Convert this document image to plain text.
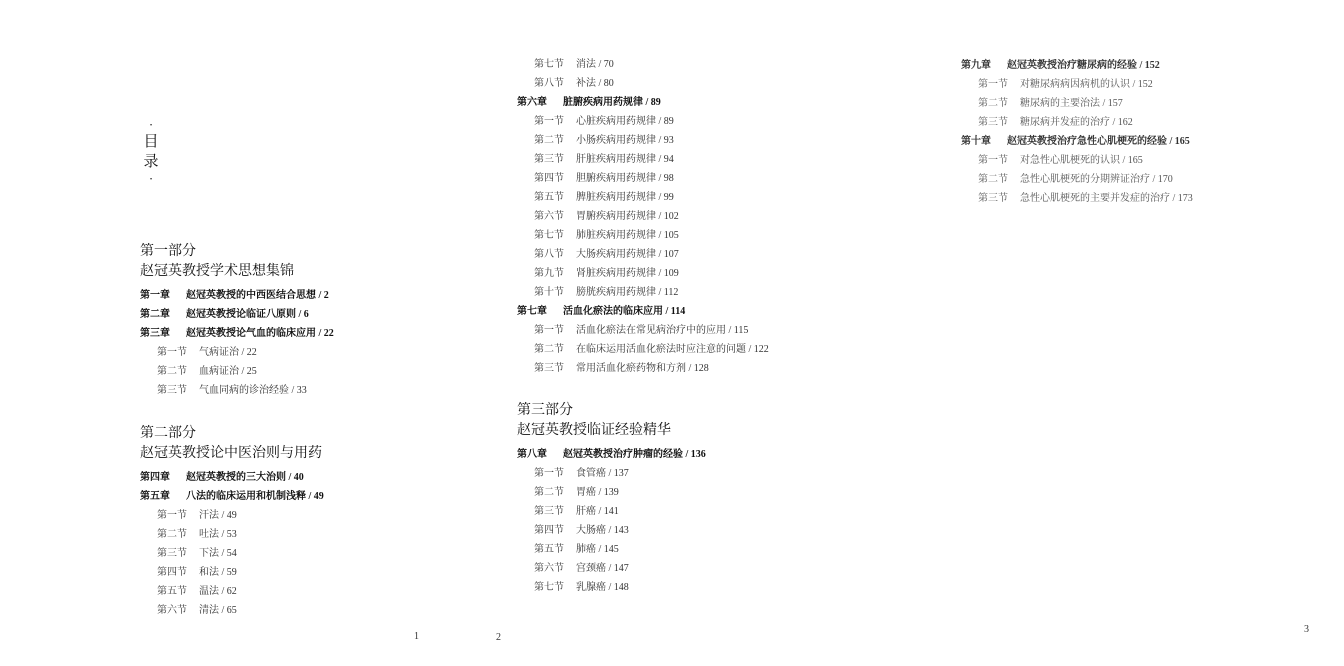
·
目
录
·
第一部分
赵冠英教授学术思想集锦
第一章 赵冠英教授的中西医结合思想 / 2
第二章 赵冠英教授论临证八原则 / 6
第三章 赵冠英教授论气血的临床应用 / 22
第一节 气病证治 / 22
第二节 血病证治 / 25
第三节 气血同病的诊治经验 / 33
第二部分
赵冠英教授论中医治则与用药
第四章 赵冠英教授的三大治则 / 40
第五章 八法的临床运用和机制浅释 / 49
第一节 汗法 / 49
第二节 吐法 / 53
第三节 下法 / 54
第四节 和法 / 59
第五节 温法 / 62
第六节 清法 / 65
第七节 消法 / 70
第八节 补法 / 80
第六章 脏腑疾病用药规律 / 89
第一节 心脏疾病用药规律 / 89
第二节 小肠疾病用药规律 / 93
第三节 肝脏疾病用药规律 / 94
第四节 胆腑疾病用药规律 / 98
第五节 脾脏疾病用药规律 / 99
第六节 胃腑疾病用药规律 / 102
第七节 肺脏疾病用药规律 / 105
第八节 大肠疾病用药规律 / 107
第九节 肾脏疾病用药规律 / 109
第十节 膀胱疾病用药规律 / 112
第七章 活血化瘀法的临床应用 / 114
第一节 活血化瘀法在常见病治疗中的应用 / 115
第二节 在临床运用活血化瘀法时应注意的问题 / 122
第三节 常用活血化瘀药物和方剂 / 128
第三部分
赵冠英教授临证经验精华
第八章 赵冠英教授治疗肿瘤的经验 / 136
第一节 食管癌 / 137
第二节 胃癌 / 139
第三节 肝癌 / 141
第四节 大肠癌 / 143
第五节 肺癌 / 145
第六节 宫颈癌 / 147
第七节 乳腺癌 / 148
第九章 赵冠英教授治疗糖尿病的经验 / 152
第一节 对糖尿病病因病机的认识 / 152
第二节 糖尿病的主要治法 / 157
第三节 糖尿病并发症的治疗 / 162
第十章 赵冠英教授治疗急性心肌梗死的经验 / 165
第一节 对急性心肌梗死的认识 / 165
第二节 急性心肌梗死的分期辨证治疗 / 170
第三节 急性心肌梗死的主要并发症的治疗 / 173
1	2
3
